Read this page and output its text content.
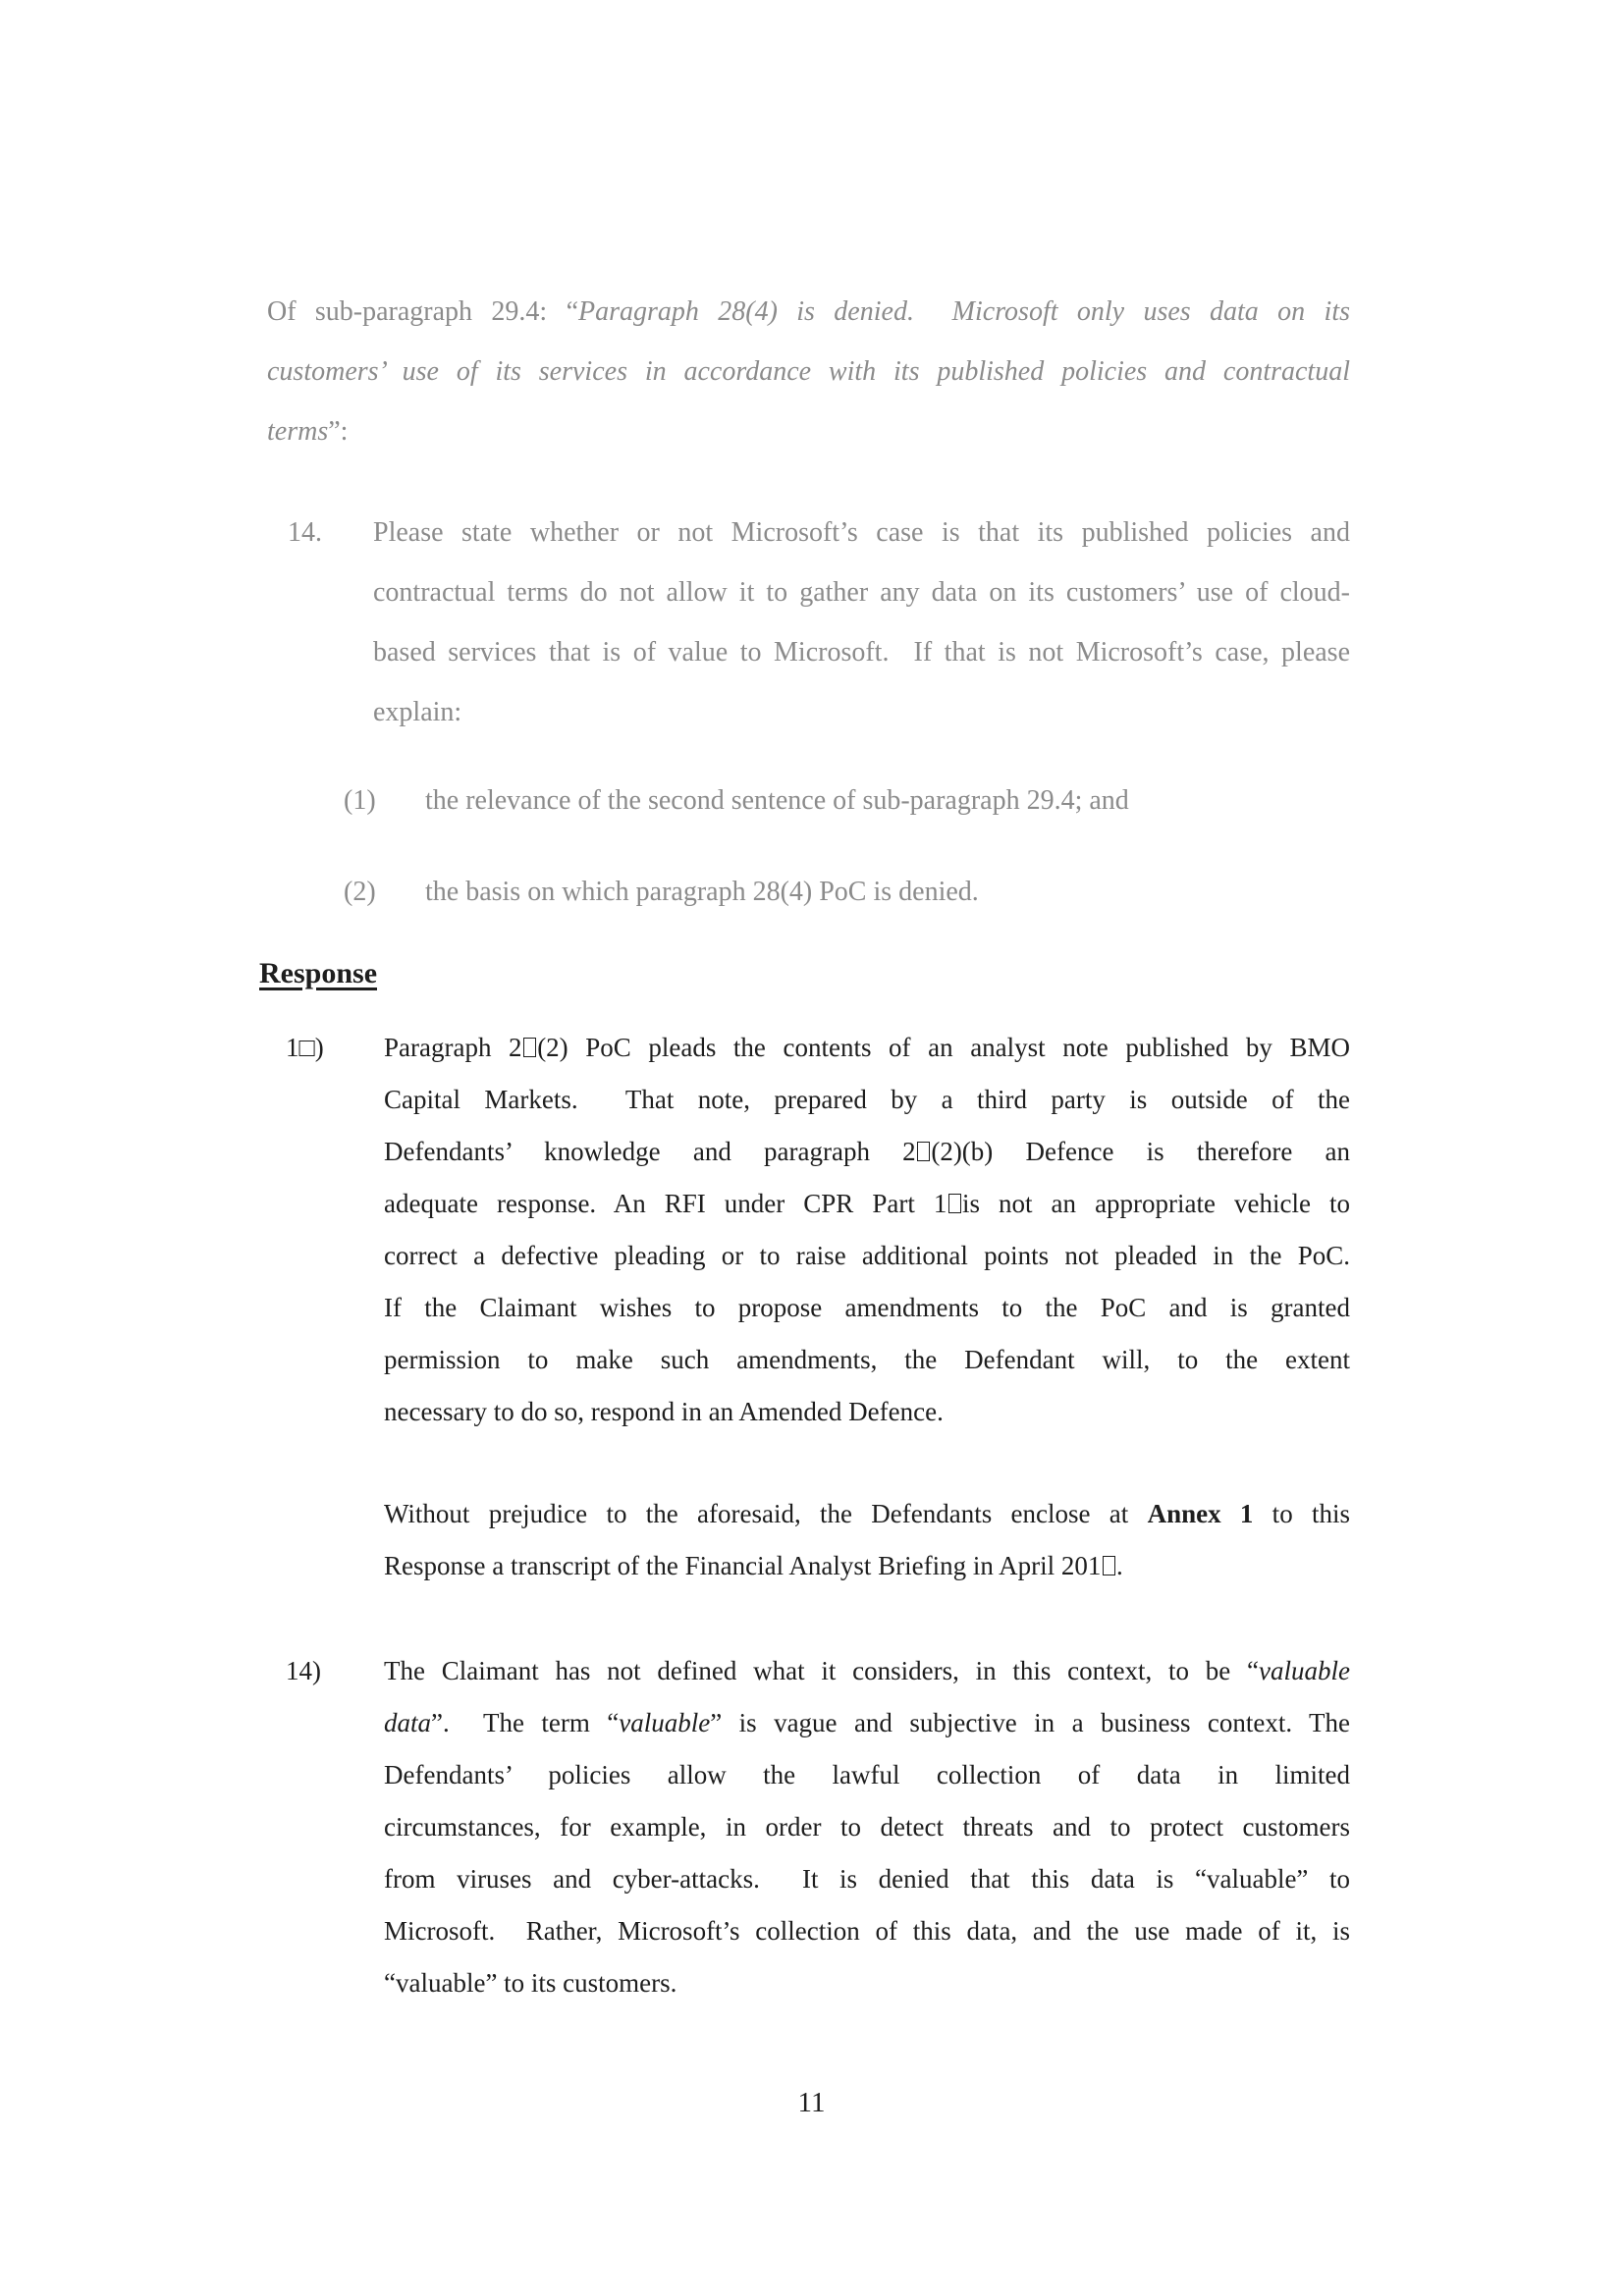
Of sub-paragraph 29.4: “Paragraph 28(4) is denied.  Microsoft only uses data on its
customers’ use of its services in accordance with its published policies and contractual
terms”:
14. Please state whether or not Microsoft’s case is that its published policies and
contractual terms do not allow it to gather any data on its customers’ use of cloud-
based services that is of value to Microsoft.  If that is not Microsoft’s case, please
explain:
(1) the relevance of the second sentence of sub-paragraph 29.4; and
(2) the basis on which paragraph 28(4) PoC is denied.
Response
1□) Paragraph 2 (2) PoC pleads the contents of an analyst note published by BMO
Capital Markets.  That note, prepared by a third party is outside of the
Defendants’ knowledge and paragraph 2 (2)(b) Defence is therefore an
adequate response. An RFI under CPR Part 1 is not an appropriate vehicle to
correct a defective pleading or to raise additional points not pleaded in the PoC.
If the Claimant wishes to propose amendments to the PoC and is granted
permission to make such amendments, the Defendant will, to the extent
necessary to do so, respond in an Amended Defence.
Without prejudice to the aforesaid, the Defendants enclose at Annex 1 to this
Response a transcript of the Financial Analyst Briefing in April 201 .
14) The Claimant has not defined what it considers, in this context, to be “valuable
data”.  The term “valuable” is vague and subjective in a business context. The
Defendants’ policies allow the lawful collection of data in limited
circumstances, for example, in order to detect threats and to protect customers
from viruses and cyber-attacks.  It is denied that this data is “valuable” to
Microsoft.  Rather, Microsoft’s collection of this data, and the use made of it, is
“valuable” to its customers.
11
